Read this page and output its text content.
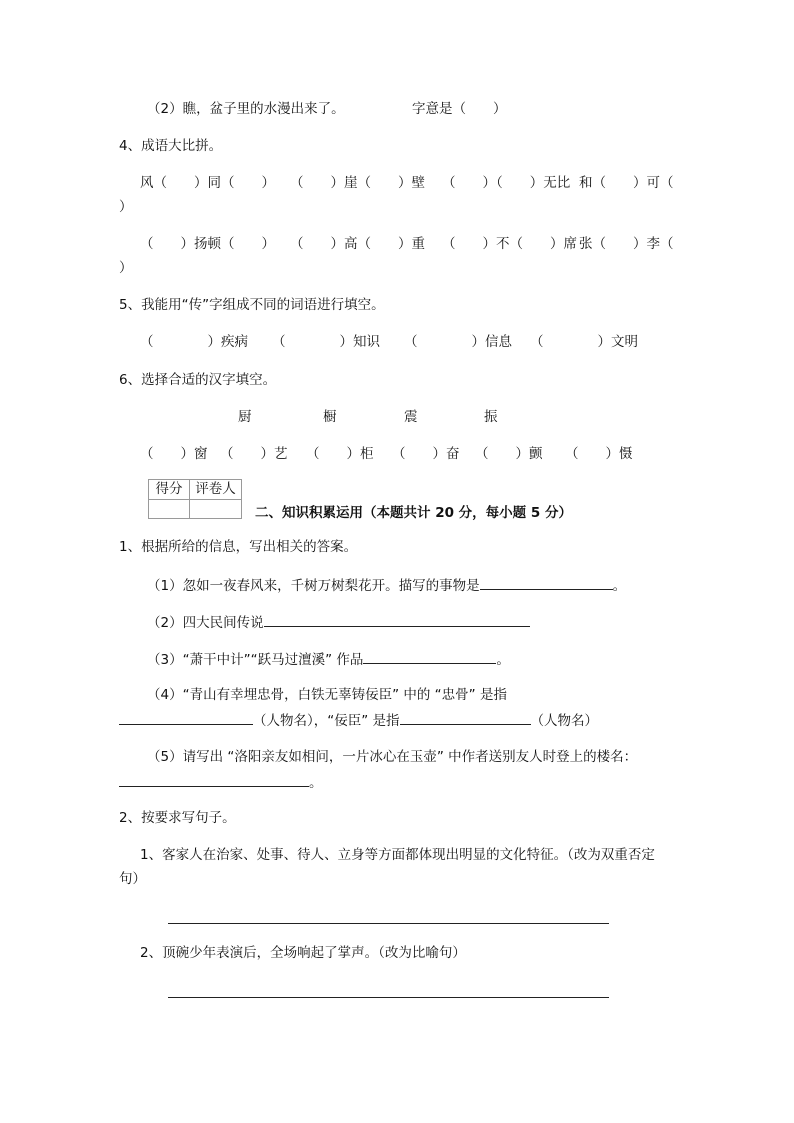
（2）瞧，盆子里的水漫出来了。	字意是（　　）
4、成语大比拼。
风（　　）同（　　） （　　）崖（　　）壁 （　　）（　　）无比 和（　　）可（
）
（　　）扬顿（　　） （　　）高（　　）重 （　　）不（　　）席 张（　　）李（
）
5、我能用“传”字组成不同的词语进行填空。
（　　　　）疾病 （　　　　）知识 （　　　　）信息 （　　　　）文明
6、选择合适的汉字填空。
厨	橱	震	振
（　　）窗 （　　）艺 （　　）柜 （　　）奋 （　　）颤 （　　）慑
得分 评卷人
二、知识积累运用（本题共计 20 分，每小题 5 分）
1、根据所给的信息，写出相关的答案。
（1）忽如一夜春风来，千树万树梨花开。描写的事物是	。
（2）四大民间传说
（3）“萧干中计”“跃马过澶溪” 作品	。
（4）“青山有幸埋忠骨，白铁无辜铸佞臣” 中的 “忠骨” 是指
（人物名），“佞臣” 是指	（人物名）
（5）请写出 “洛阳亲友如相问，一片冰心在玉壶” 中作者送别友人时登上的楼名：
。
2、按要求写句子。
1、客家人在治家、处事、待人、立身等方面都体现出明显的文化特征。（改为双重否定
句）
2、顶碗少年表演后，全场响起了掌声。（改为比喻句）
